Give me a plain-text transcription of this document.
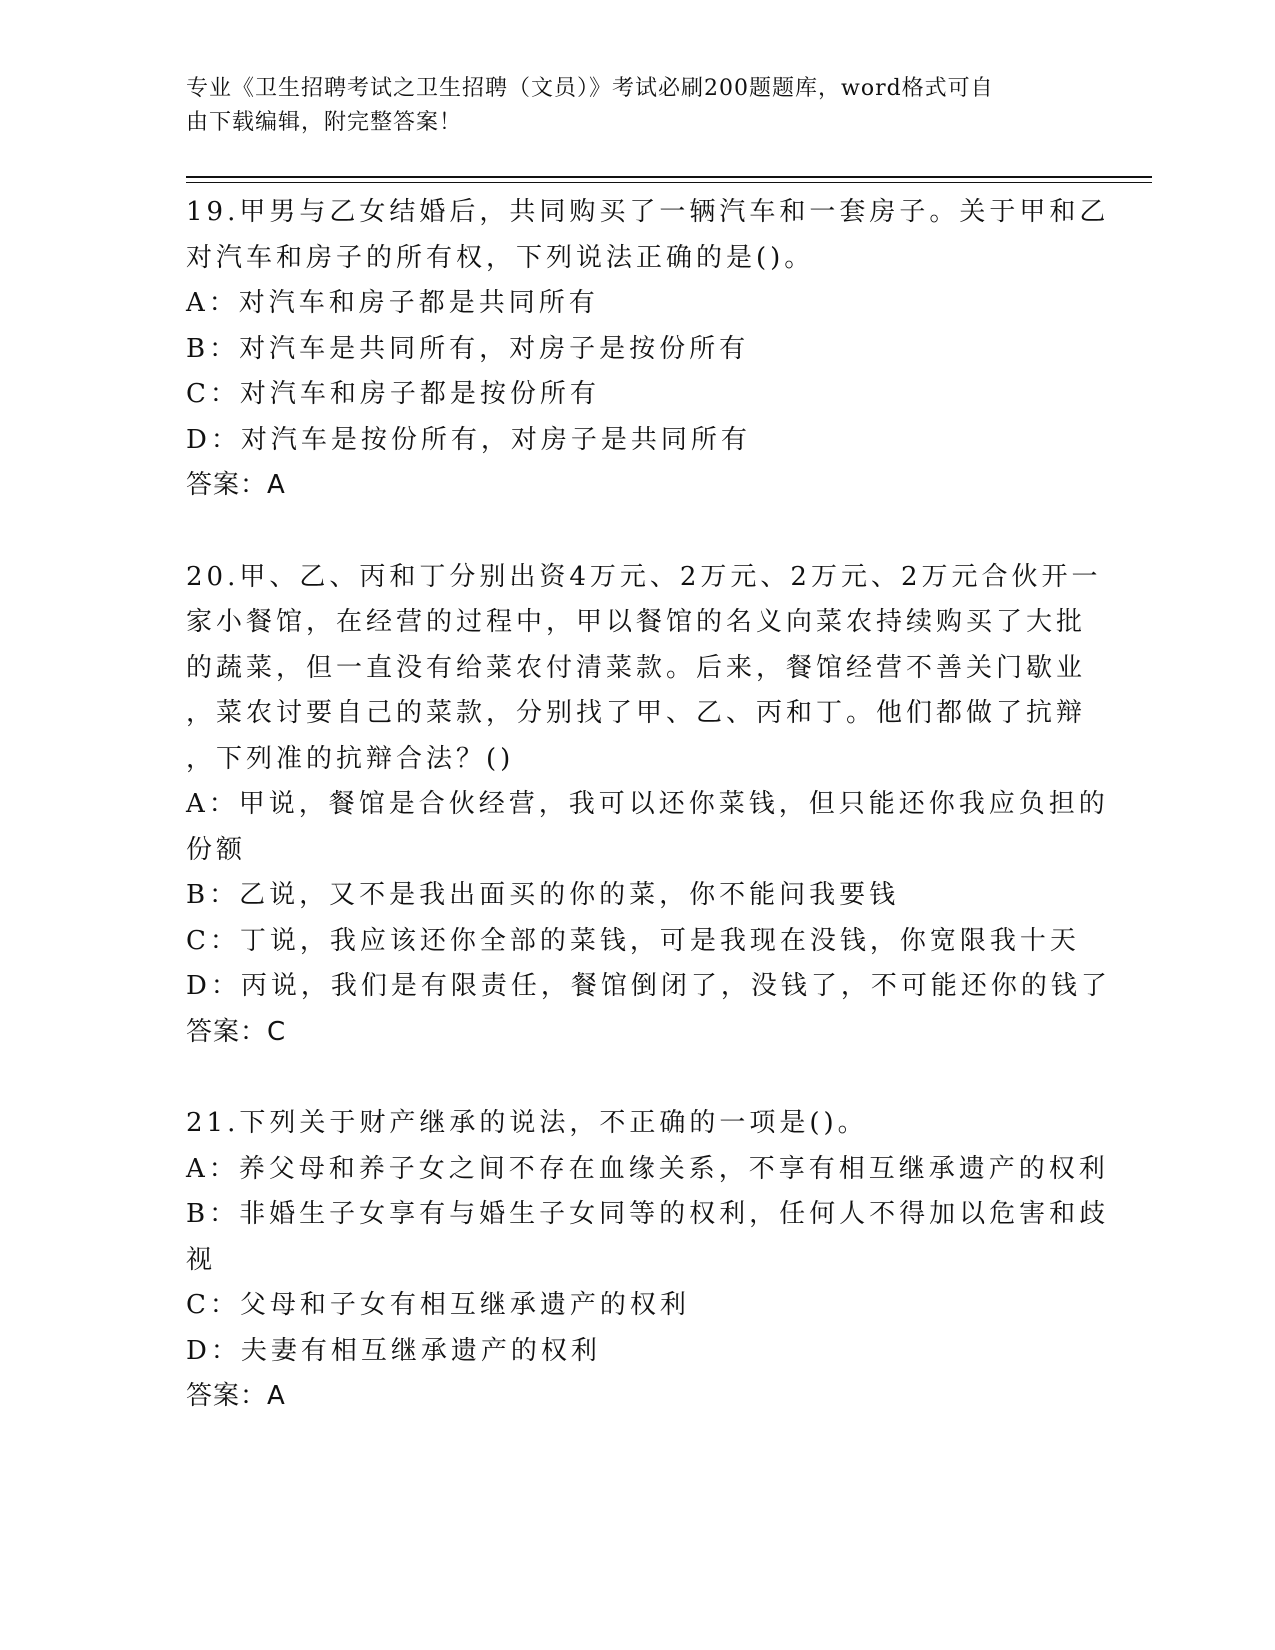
专业《卫生招聘考试之卫生招聘（文员）》考试必刷200题题库，word格式可自
由下载编辑，附完整答案！
19.甲男与乙女结婚后，共同购买了一辆汽车和一套房子。关于甲和乙
对汽车和房子的所有权，下列说法正确的是()。
A：对汽车和房子都是共同所有
B：对汽车是共同所有，对房子是按份所有
C：对汽车和房子都是按份所有
D：对汽车是按份所有，对房子是共同所有
答案：A
20.甲、乙、丙和丁分别出资4万元、2万元、2万元、2万元合伙开一
家小餐馆，在经营的过程中，甲以餐馆的名义向菜农持续购买了大批
的蔬菜，但一直没有给菜农付清菜款。后来，餐馆经营不善关门歇业
，菜农讨要自己的菜款，分别找了甲、乙、丙和丁。他们都做了抗辩
，下列准的抗辩合法？()
A：甲说，餐馆是合伙经营，我可以还你菜钱，但只能还你我应负担的
份额
B：乙说，又不是我出面买的你的菜，你不能问我要钱
C：丁说，我应该还你全部的菜钱，可是我现在没钱，你宽限我十天
D：丙说，我们是有限责任，餐馆倒闭了，没钱了，不可能还你的钱了
答案：C
21.下列关于财产继承的说法，不正确的一项是()。
A：养父母和养子女之间不存在血缘关系，不享有相互继承遗产的权利
B：非婚生子女享有与婚生子女同等的权利，任何人不得加以危害和歧
视
C：父母和子女有相互继承遗产的权利
D：夫妻有相互继承遗产的权利
答案：A
